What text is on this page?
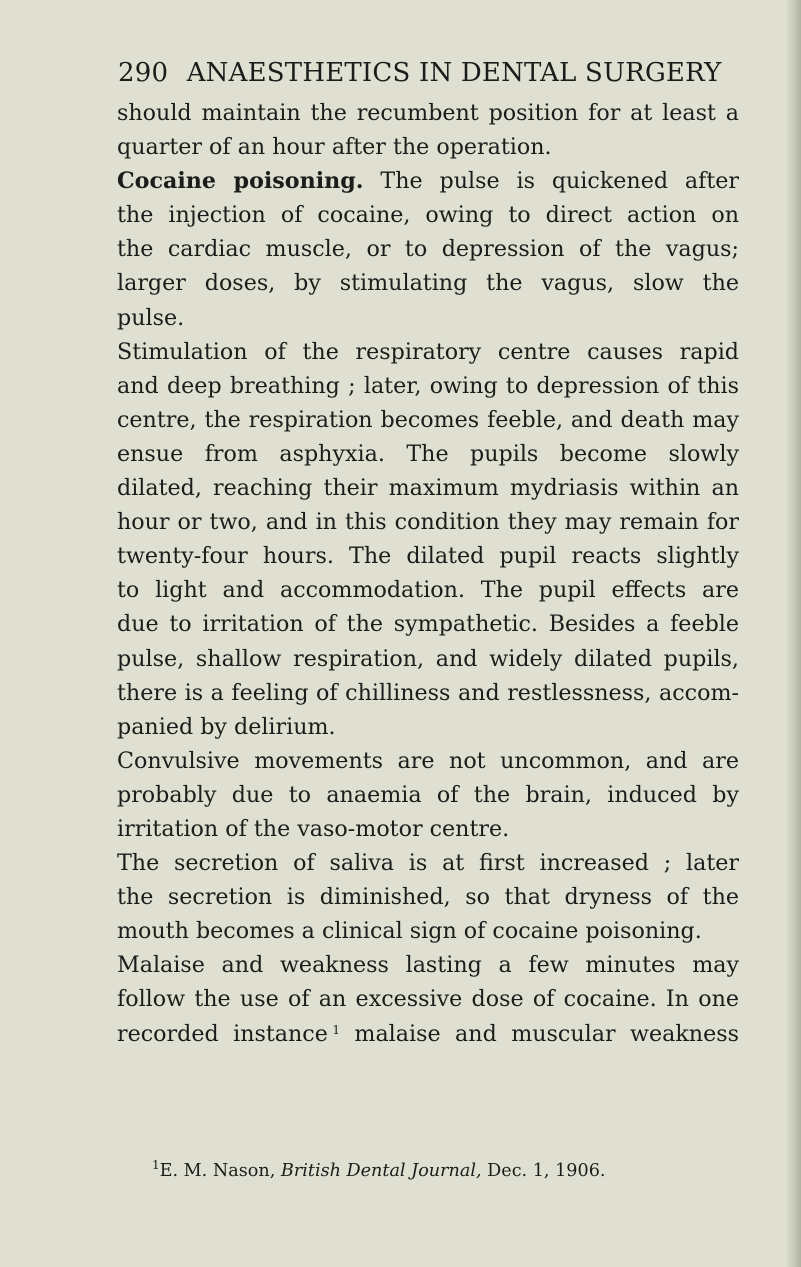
290 ANAESTHETICS IN DENTAL SURGERY
should maintain the recumbent position for at least a
quarter of an hour after the operation.
Cocaine poisoning. The pulse is quickened after
the injection of cocaine, owing to direct action on
the cardiac muscle, or to depression of the vagus;
larger doses, by stimulating the vagus, slow the
pulse.
Stimulation of the respiratory centre causes rapid
and deep breathing ; later, owing to depression of this
centre, the respiration becomes feeble, and death may
ensue from asphyxia. The pupils become slowly
dilated, reaching their maximum mydriasis within an
hour or two, and in this condition they may remain for
twenty-four hours. The dilated pupil reacts slightly
to light and accommodation. The pupil effects are
due to irritation of the sympathetic. Besides a feeble
pulse, shallow respiration, and widely dilated pupils,
there is a feeling of chilliness and restlessness, accom-
panied by delirium.
Convulsive movements are not uncommon, and are
probably due to anaemia of the brain, induced by
irritation of the vaso-motor centre.
The secretion of saliva is at first increased ; later
the secretion is diminished, so that dryness of the
mouth becomes a clinical sign of cocaine poisoning.
Malaise and weakness lasting a few minutes may
follow the use of an excessive dose of cocaine. In one
recorded instance  $^1$ malaise and muscular weakness
$^1$E. M. Nason, British Dental Journal, Dec. 1, 1906.
